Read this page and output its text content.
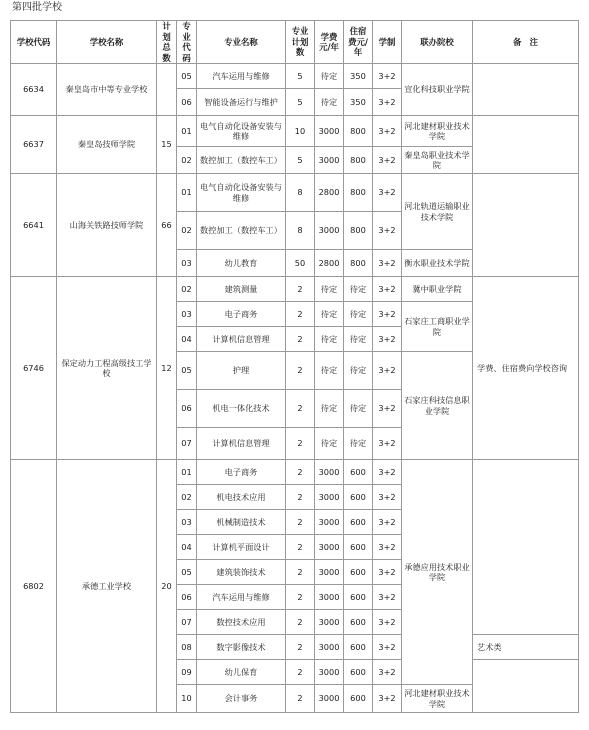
第四批学校
学校代码	学校名称	计划总数	专业代码	专业名称	专业计划数	学费元/年	住宿费元/年	学制	联办院校	备　注
6634	秦皇岛市中等专业学校		05	汽车运用与维修	5	待定	350	3+2	宣化科技职业学院	
			06	智能设备运行与维护	5	待定	350	3+2		
6637	秦皇岛技师学院	15	01	电气自动化设备安装与维修	10	3000	800	3+2	河北建材职业技术学院	
			02	数控加工（数控车工）	5	3000	800	3+2	秦皇岛职业技术学院	
6641	山海关铁路技师学院	66	01	电气自动化设备安装与维修	8	2800	800	3+2	河北轨道运输职业技术学院	
			02	数控加工（数控车工）	8	3000	800	3+2		
			03	幼儿教育	50	2800	800	3+2	衡水职业技术学院	
6746	保定动力工程高级技工学校	12	02	建筑测量	2	待定	待定	3+2	冀中职业学院	学费、住宿费向学校咨询
			03	电子商务	2	待定	待定	3+2	石家庄工商职业学院	
			04	计算机信息管理	2	待定	待定	3+2		
			05	护理	2	待定	待定	3+2	石家庄科技信息职业学院	
			06	机电一体化技术	2	待定	待定	3+2		
			07	计算机信息管理	2	待定	待定	3+2		
6802	承德工业学校	20	01	电子商务	2	3000	600	3+2	承德应用技术职业学院	
			02	机电技术应用	2	3000	600	3+2		
			03	机械制造技术	2	3000	600	3+2		
			04	计算机平面设计	2	3000	600	3+2		
			05	建筑装饰技术	2	3000	600	3+2		
			06	汽车运用与维修	2	3000	600	3+2		
			07	数控技术应用	2	3000	600	3+2		
			08	数字影像技术	2	3000	600	3+2		艺术类
			09	幼儿保育	2	3000	600	3+2		
			10	会计事务	2	3000	600	3+2	河北建材职业技术学院	
